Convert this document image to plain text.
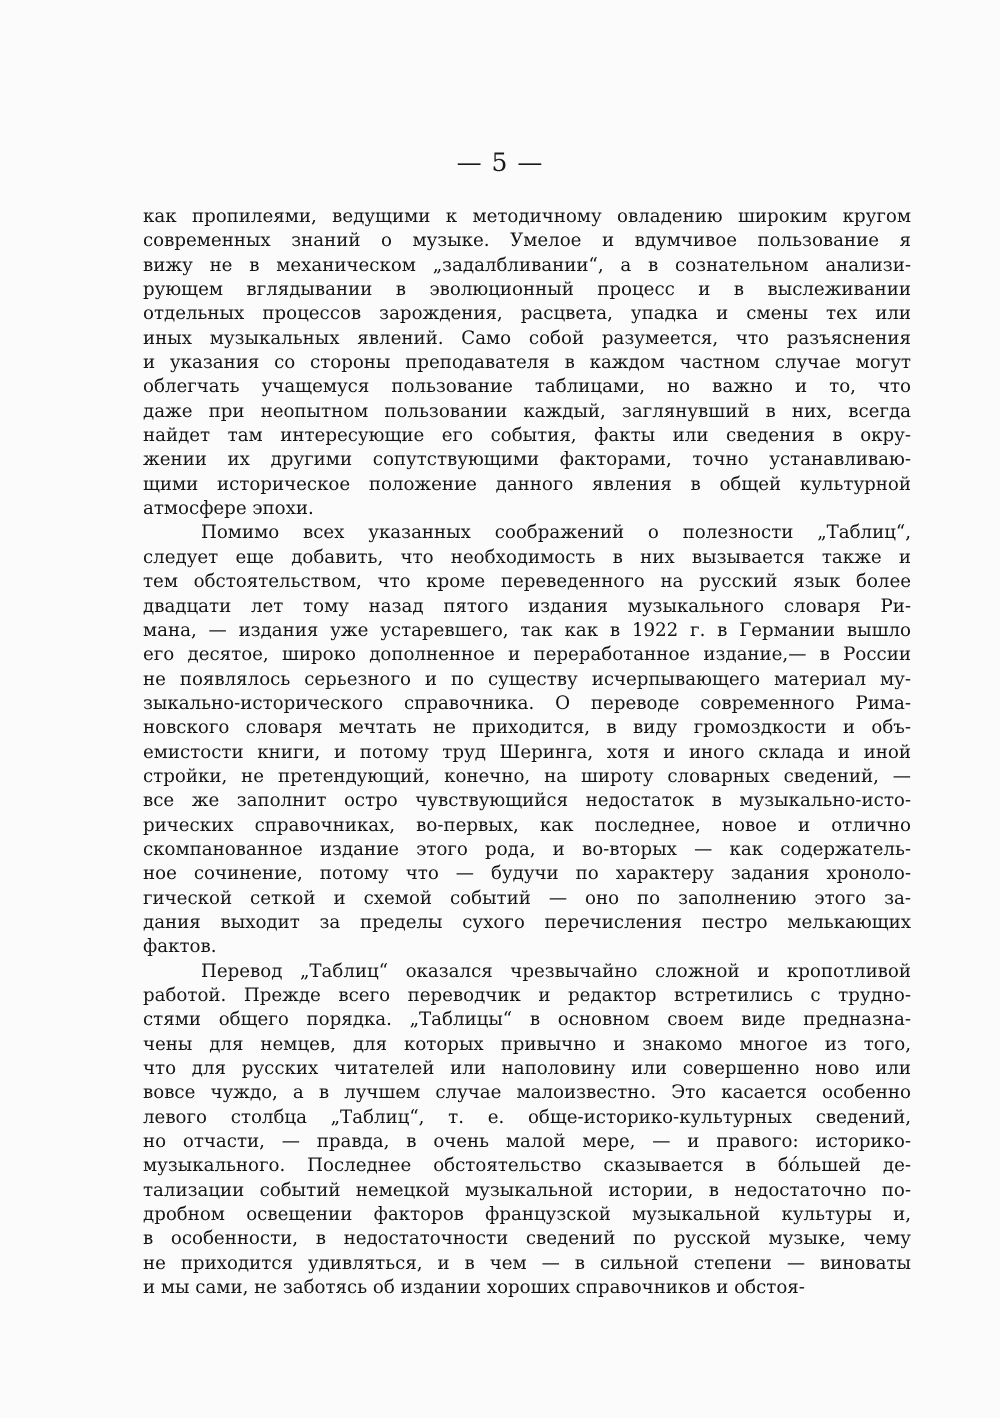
— 5 —
как пропилеями, ведущими к методичному овладению широким кругом
современных знаний о музыке. Умелое и вдумчивое пользование я
вижу не в механическом „задалбливании“, а в сознательном анализи-
рующем вглядывании в эволюционный процесс и в выслеживании
отдельных процессов зарождения, расцвета, упадка и смены тех или
иных музыкальных явлений. Само собой разумеется, что разъяснения
и указания со стороны преподавателя в каждом частном случае могут
облегчать учащемуся пользование таблицами, но важно и то, что
даже при неопытном пользовании каждый, заглянувший в них, всегда
найдет там интересующие его события, факты или сведения в окру-
жении их другими сопутствующими факторами, точно устанавливаю-
щими историческое положение данного явления в общей культурной
атмосфере эпохи.
Помимо всех указанных соображений о полезности „Таблиц“,
следует еще добавить, что необходимость в них вызывается также и
тем обстоятельством, что кроме переведенного на русский язык более
двадцати лет тому назад пятого издания музыкального словаря Ри-
мана, — издания уже устаревшего, так как в 1922 г. в Германии вышло
его десятое, широко дополненное и переработанное издание,— в России
не появлялось серьезного и по существу исчерпывающего материал му-
зыкально-исторического справочника. О переводе современного Рима-
новского словаря мечтать не приходится, в виду громоздкости и объ-
емистости книги, и потому труд Шеринга, хотя и иного склада и иной
стройки, не претендующий, конечно, на широту словарных сведений, —
все же заполнит остро чувствующийся недостаток в музыкально-исто-
рических справочниках, во-первых, как последнее, новое и отлично
скомпанованное издание этого рода, и во-вторых — как содержатель-
ное сочинение, потому что — будучи по характеру задания хроноло-
гической сеткой и схемой событий — оно по заполнению этого за-
дания выходит за пределы сухого перечисления пестро мелькающих
фактов.
Перевод „Таблиц“ оказался чрезвычайно сложной и кропотливой
работой. Прежде всего переводчик и редактор встретились с трудно-
стями общего порядка. „Таблицы“ в основном своем виде предназна-
чены для немцев, для которых привычно и знакомо многое из того,
что для русских читателей или наполовину или совершенно ново или
вовсе чуждо, а в лучшем случае малоизвестно. Это касается особенно
левого столбца „Таблиц“, т. е. обще-историко-культурных сведений,
но отчасти, — правда, в очень малой мере, — и правого: историко-
музыкального. Последнее обстоятельство сказывается в бо́льшей де-
тализации событий немецкой музыкальной истории, в недостаточно по-
дробном освещении факторов французской музыкальной культуры и,
в особенности, в недостаточности сведений по русской музыке, чему
не приходится удивляться, и в чем — в сильной степени — виноваты
и мы сами, не заботясь об издании хороших справочников и обстоя-
